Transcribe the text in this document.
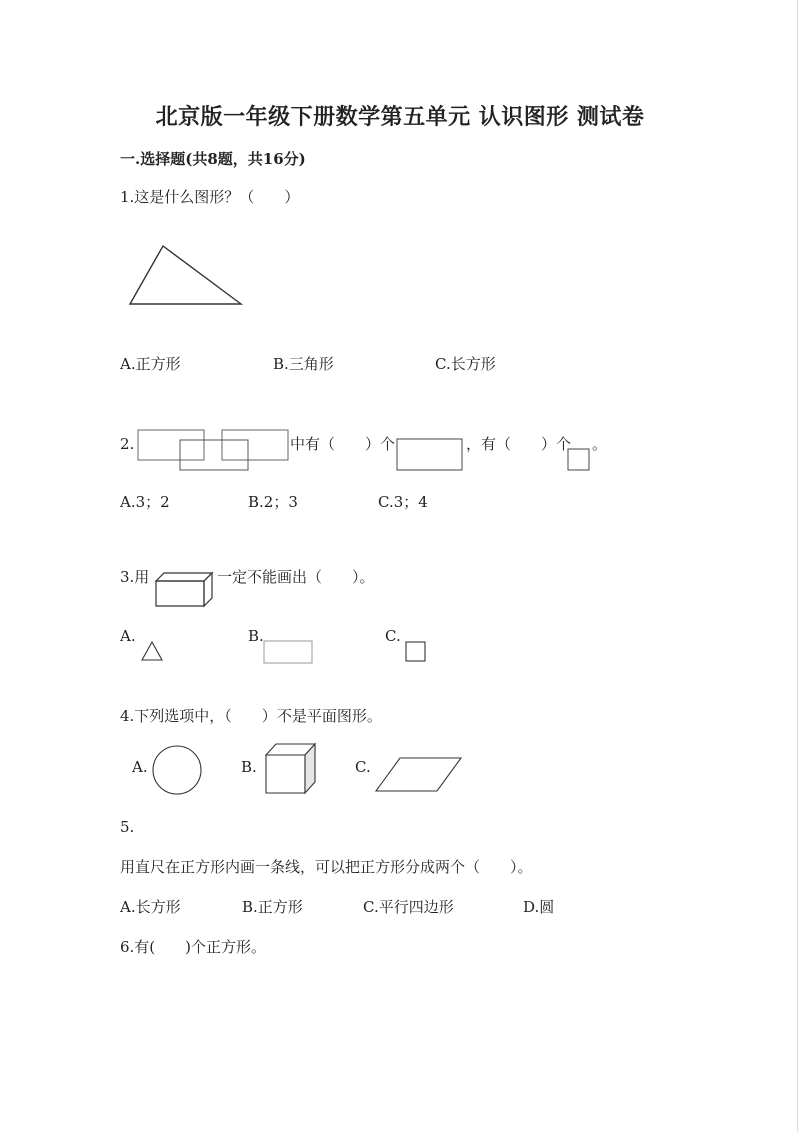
北京版一年级下册数学第五单元 认识图形 测试卷
一.选择题(共8题，共16分)
1.这是什么图形？（　　）
A.正方形	B.三角形	C.长方形
2.	中有（　　）个	，有（　　）个 。
A.3；2	B.2；3	C.3；4
3.用	一定不能画出（　　）。
A.	B.	C.
4.下列选项中，（　　）不是平面图形。
A.	B.	C.
5.
用直尺在正方形内画一条线，可以把正方形分成两个（　　）。
A.长方形	B.正方形	C.平行四边形	D.圆
6.有(　　)个正方形。
